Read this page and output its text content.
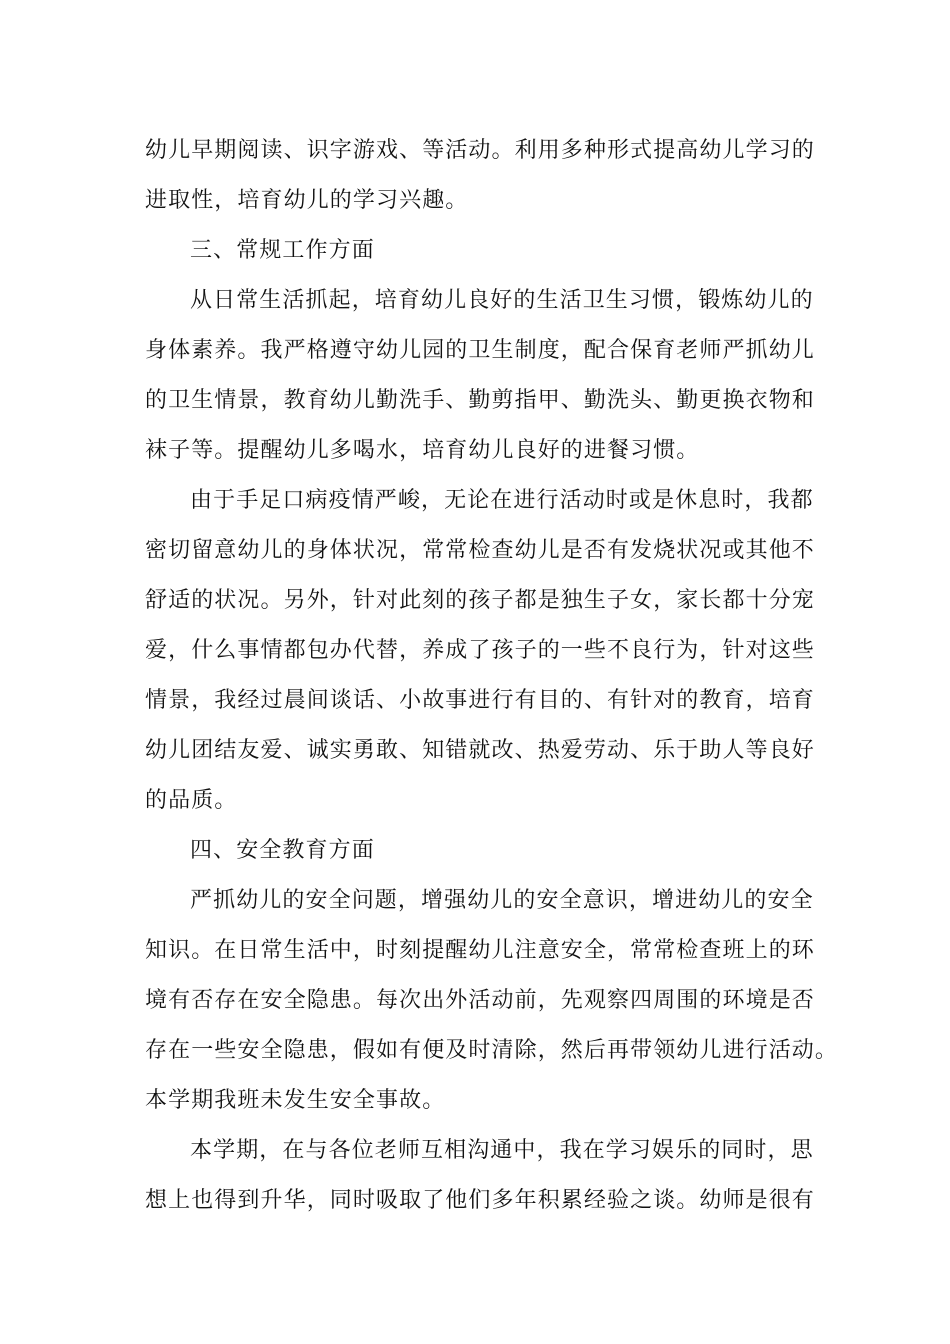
幼儿早期阅读、识字游戏、等活动。利用多种形式提高幼儿学习的
进取性，培育幼儿的学习兴趣。
三、常规工作方面
从日常生活抓起，培育幼儿良好的生活卫生习惯，锻炼幼儿的
身体素养。我严格遵守幼儿园的卫生制度，配合保育老师严抓幼儿
的卫生情景，教育幼儿勤洗手、勤剪指甲、勤洗头、勤更换衣物和
袜子等。提醒幼儿多喝水，培育幼儿良好的进餐习惯。
由于手足口病疫情严峻，无论在进行活动时或是休息时，我都
密切留意幼儿的身体状况，常常检查幼儿是否有发烧状况或其他不
舒适的状况。另外，针对此刻的孩子都是独生子女，家长都十分宠
爱，什么事情都包办代替，养成了孩子的一些不良行为，针对这些
情景，我经过晨间谈话、小故事进行有目的、有针对的教育，培育
幼儿团结友爱、诚实勇敢、知错就改、热爱劳动、乐于助人等良好
的品质。
四、安全教育方面
严抓幼儿的安全问题，增强幼儿的安全意识，增进幼儿的安全
知识。在日常生活中，时刻提醒幼儿注意安全，常常检查班上的环
境有否存在安全隐患。每次出外活动前，先观察四周围的环境是否
存在一些安全隐患，假如有便及时清除，然后再带领幼儿进行活动。
本学期我班未发生安全事故。
本学期，在与各位老师互相沟通中，我在学习娱乐的同时，思
想上也得到升华，同时吸取了他们多年积累经验之谈。幼师是很有
